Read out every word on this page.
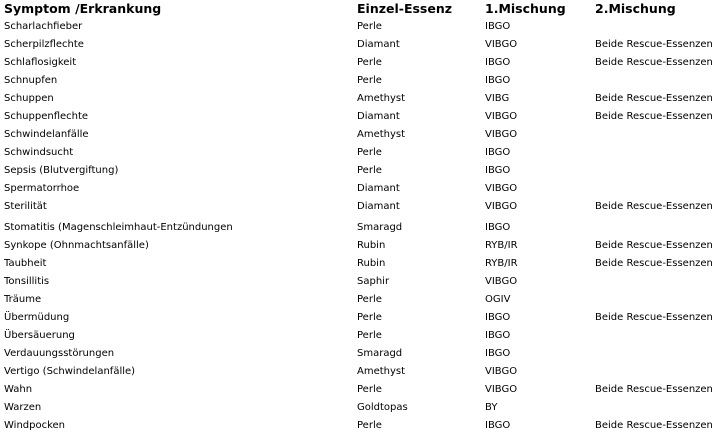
Symptom /Erkrankung	Einzel-Essenz	1.Mischung 2.Mischung
Scharlachfieber	Perle	IBGO
Scherpilzflechte	Diamant	VIBGO	Beide Rescue-Essenzen
Schlaflosigkeit	Perle	IBGO	Beide Rescue-Essenzen
Schnupfen	Perle	IBGO
Schuppen	Amethyst	VIBG	Beide Rescue-Essenzen
Schuppenflechte	Diamant	VIBGO	Beide Rescue-Essenzen
Schwindelanfälle	Amethyst	VIBGO
Schwindsucht	Perle	IBGO
Sepsis (Blutvergiftung)	Perle	IBGO
Spermatorrhoe	Diamant	VIBGO
Sterilität	Diamant	VIBGO	Beide Rescue-Essenzen
Stomatitis (Magenschleimhaut-Entzündungen	Smaragd	IBGO
Synkope (Ohnmachtsanfälle)	Rubin	RYB/IR	Beide Rescue-Essenzen
Taubheit	Rubin	RYB/IR	Beide Rescue-Essenzen
Tonsillitis	Saphir	VIBGO
Träume	Perle	OGIV
Übermüdung	Perle	IBGO	Beide Rescue-Essenzen
Übersäuerung	Perle	IBGO
Verdauungsstörungen	Smaragd	IBGO
Vertigo (Schwindelanfälle)	Amethyst	VIBGO
Wahn	Perle	VIBGO	Beide Rescue-Essenzen
Warzen	Goldtopas	BY
Windpocken	Perle	IBGO	Beide Rescue-Essenzen
